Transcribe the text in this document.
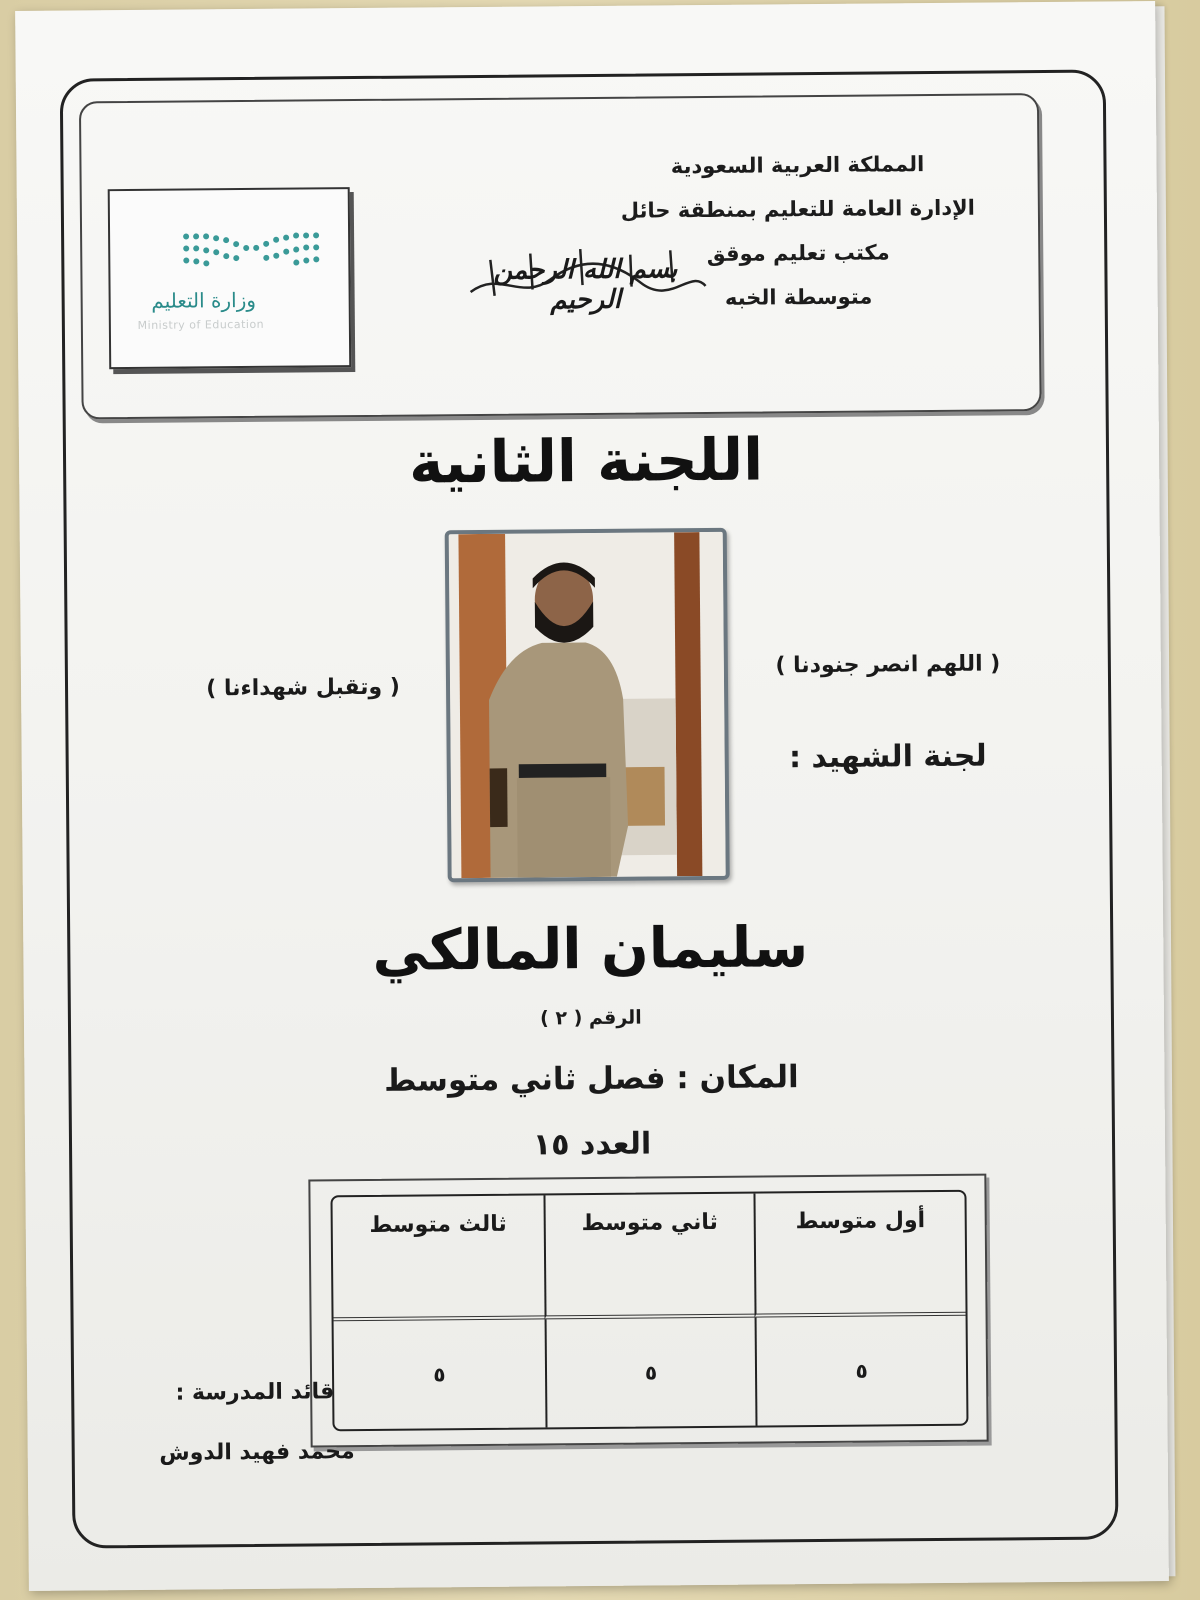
وزارة التعليم
Ministry of Education
بسم الله الرحمن الرحيم
المملكة العربية السعودية
الإدارة العامة للتعليم بمنطقة حائل
مكتب تعليم موقق
متوسطة الخبه
اللجنة الثانية
( اللهم انصر جنودنا )
( وتقبل شهداءنا )
لجنة الشهيد :
سليمان المالكي
الرقم ( ٢ )
المكان : فصل ثاني متوسط
العدد ١٥
أول متوسط
ثاني متوسط
ثالث متوسط
٥
٥
٥
قائد المدرسة :
محمد فهيد الدوش
